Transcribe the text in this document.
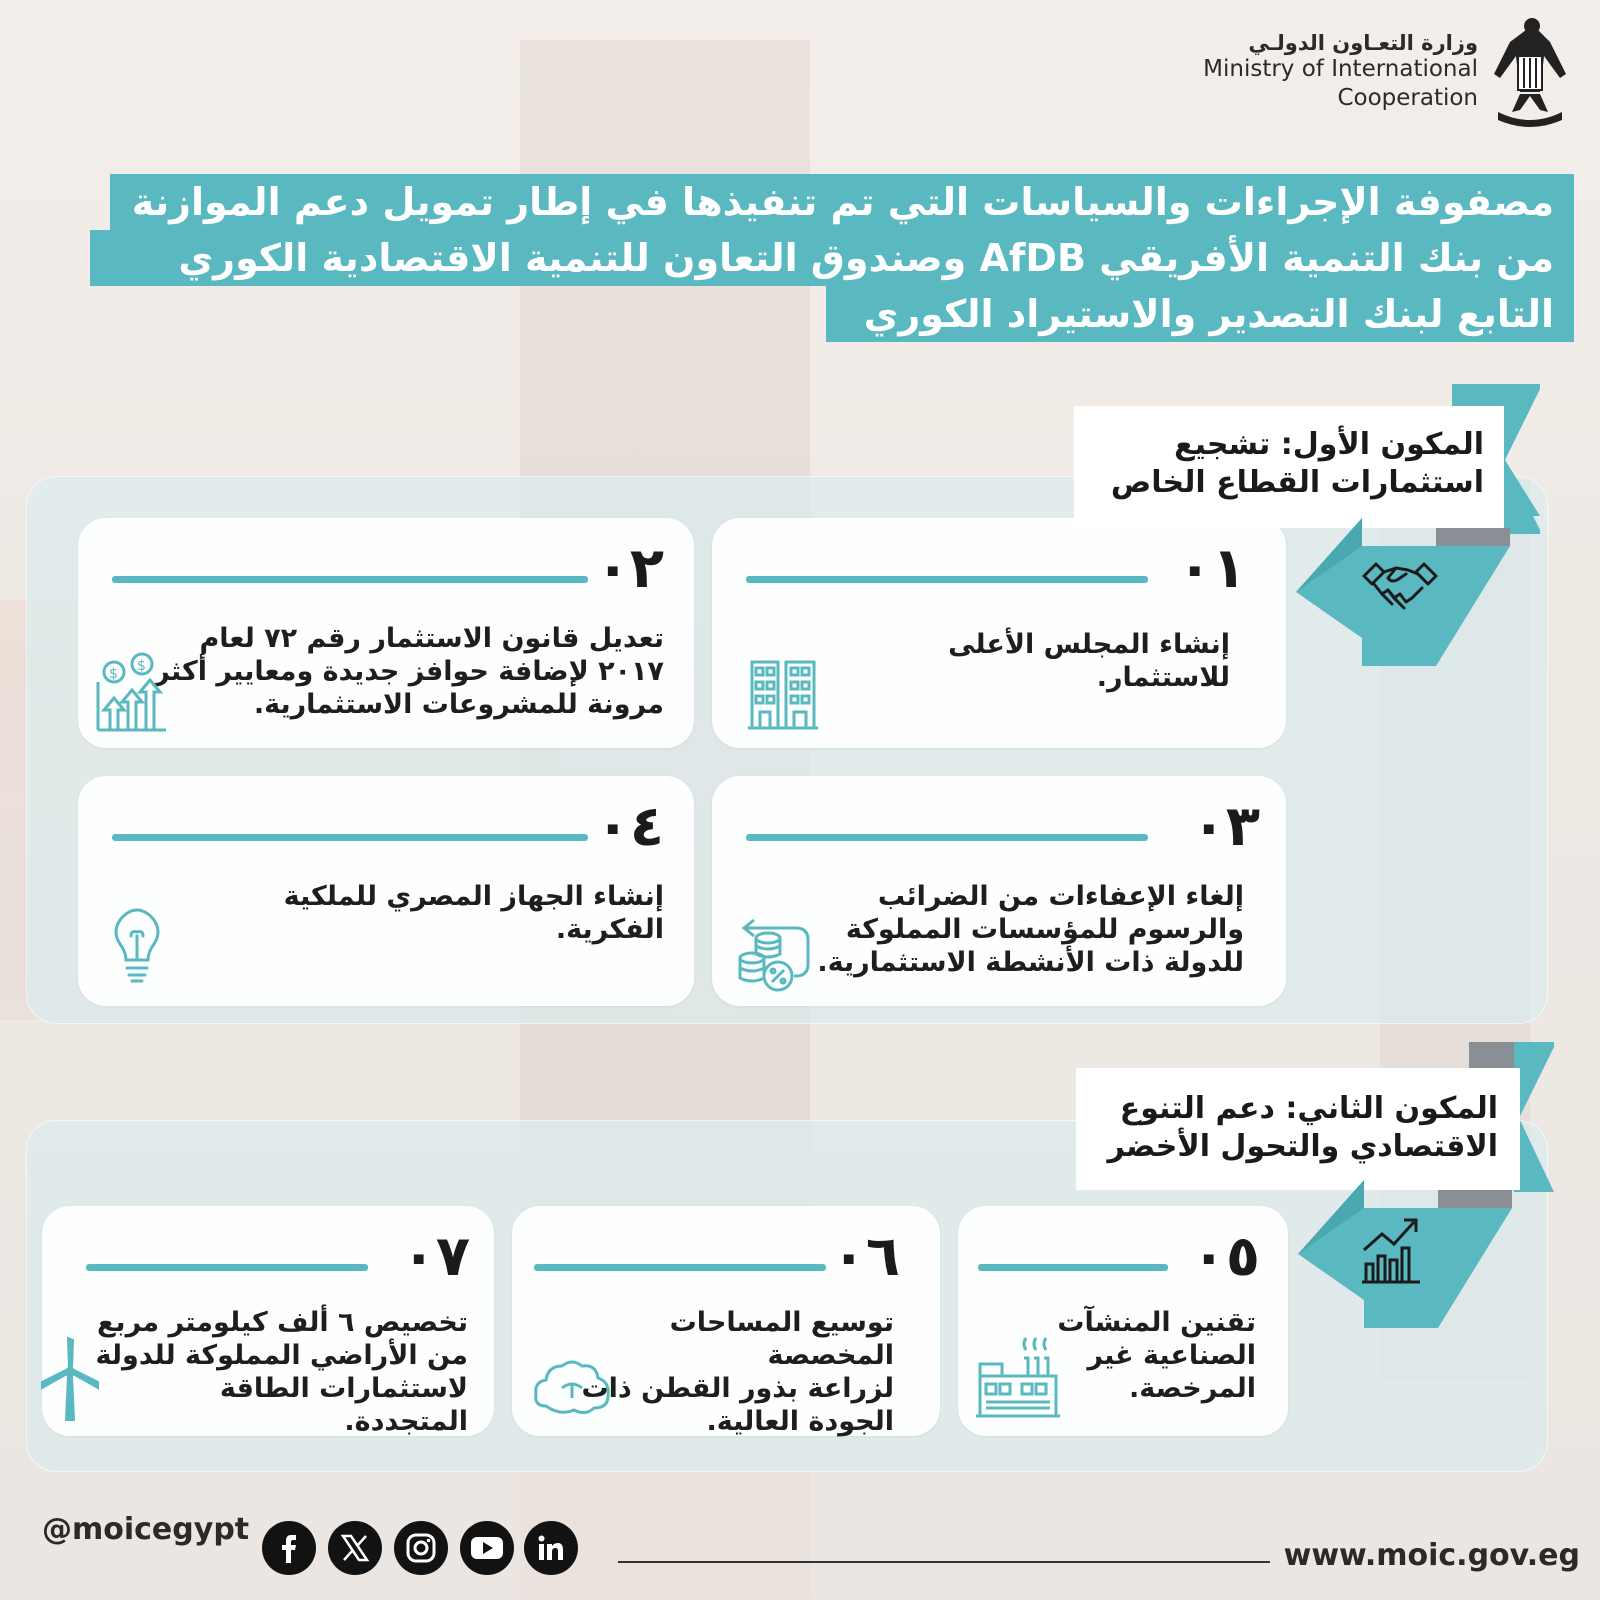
وزارة التعـاون الدولـي
Ministry of International
Cooperation
مصفوفة الإجراءات والسياسات التي تم تنفيذها في إطار تمويل دعم الموازنة
من بنك التنمية الأفريقي AfDB وصندوق التعاون للتنمية الاقتصادية الكوري
التابع لبنك التصدير والاستيراد الكوري
المكون الأول: تشجيع
استثمارات القطاع الخاص
٠١
إنشاء المجلس الأعلى
للاستثمار.
٠٢
تعديل قانون الاستثمار رقم ٧٢ لعام
٢٠١٧ لإضافة حوافز جديدة ومعايير أكثر
مرونة للمشروعات الاستثمارية.
$ $
٠٣
إلغاء الإعفاءات من الضرائب
والرسوم للمؤسسات المملوكة
للدولة ذات الأنشطة الاستثمارية.
٠٤
إنشاء الجهاز المصري للملكية
الفكرية.
المكون الثاني: دعم التنوع
الاقتصادي والتحول الأخضر
٠٥
تقنين المنشآت
الصناعية غير
المرخصة.
٠٦
توسيع المساحات المخصصة
لزراعة بذور القطن ذات
الجودة العالية.
٠٧
تخصيص ٦ ألف كيلومتر مربع
من الأراضي المملوكة للدولة
لاستثمارات الطاقة المتجددة.
@moicegypt
www.moic.gov.eg
